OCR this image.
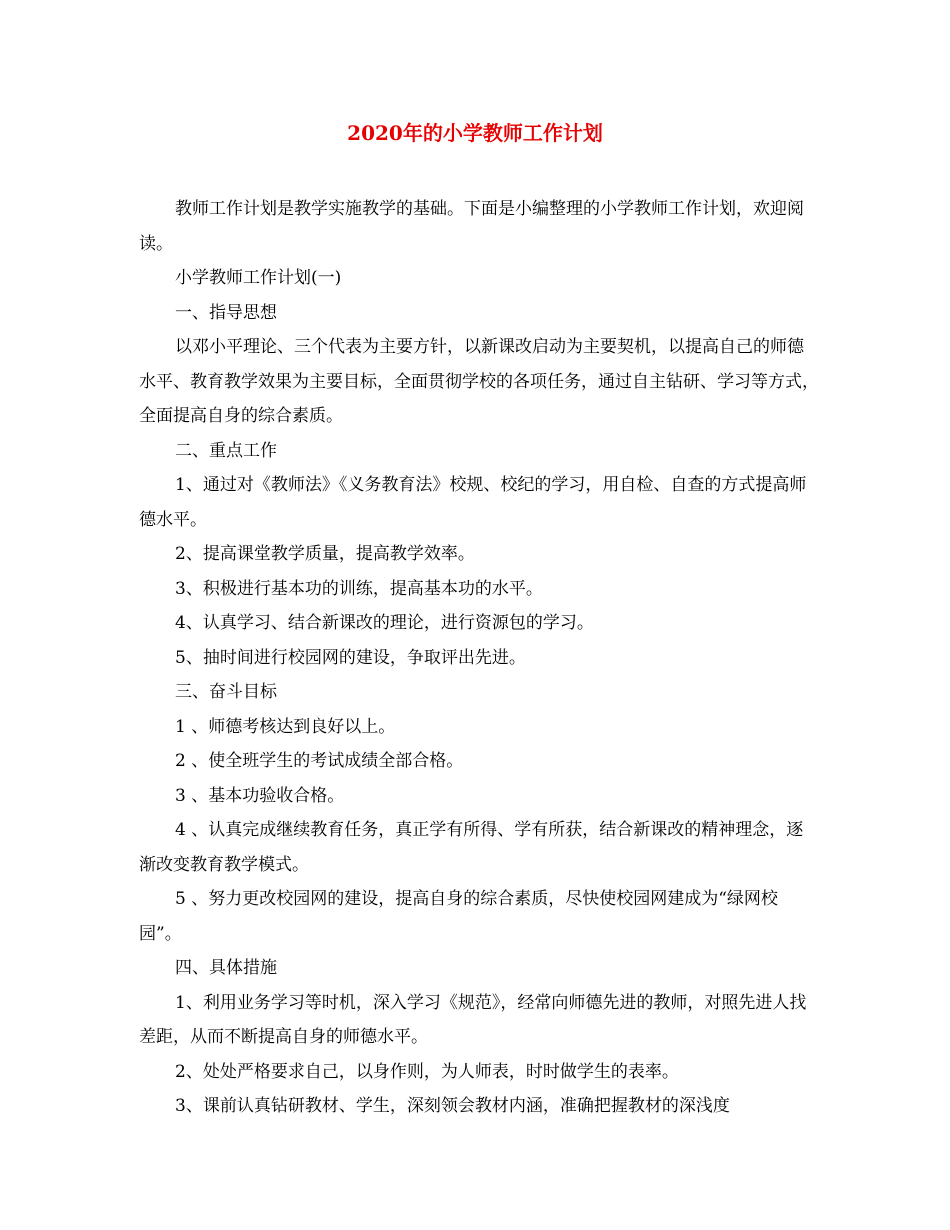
2020年的小学教师工作计划

教师工作计划是教学实施教学的基础。下面是小编整理的小学教师工作计划，欢迎阅读。

小学教师工作计划(一)

一、指导思想

以邓小平理论、三个代表为主要方针，以新课改启动为主要契机，以提高自己的师德水平、教育教学效果为主要目标，全面贯彻学校的各项任务，通过自主钻研、学习等方式，全面提高自身的综合素质。

二、重点工作

1、通过对《教师法》《义务教育法》校规、校纪的学习，用自检、自查的方式提高师德水平。

2、提高课堂教学质量，提高教学效率。

3、积极进行基本功的训练，提高基本功的水平。

4、认真学习、结合新课改的理论，进行资源包的学习。

5、抽时间进行校园网的建设，争取评出先进。

三、奋斗目标

1 、师德考核达到良好以上。

2 、使全班学生的考试成绩全部合格。

3 、基本功验收合格。

4 、认真完成继续教育任务，真正学有所得、学有所获，结合新课改的精神理念，逐渐改变教育教学模式。

5 、努力更改校园网的建设，提高自身的综合素质，尽快使校园网建成为“绿网校园”。

四、具体措施

1、利用业务学习等时机，深入学习《规范》，经常向师德先进的教师，对照先进人找差距，从而不断提高自身的师德水平。

2、处处严格要求自己，以身作则，为人师表，时时做学生的表率。

3、课前认真钻研教材、学生，深刻领会教材内涵，准确把握教材的深浅度
